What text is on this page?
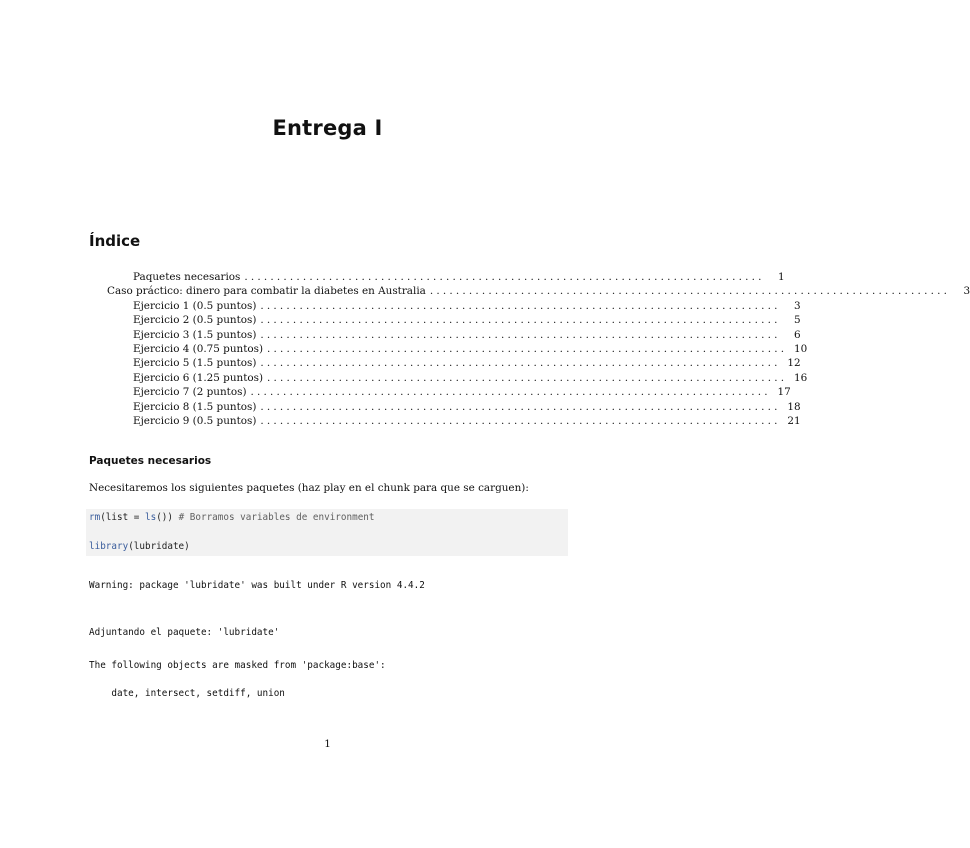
Entrega I
Índice
Paquetes necesarios ................................................................................	1
Caso práctico: dinero para combatir la diabetes en Australia ................................................................................	3
Ejercicio 1 (0.5 puntos) ................................................................................	3
Ejercicio 2 (0.5 puntos) ................................................................................	5
Ejercicio 3 (1.5 puntos) ................................................................................	6
Ejercicio 4 (0.75 puntos) ................................................................................ 10
Ejercicio 5 (1.5 puntos) ................................................................................ 12
Ejercicio 6 (1.25 puntos) ................................................................................ 16
Ejercicio 7 (2 puntos) ................................................................................ 17
Ejercicio 8 (1.5 puntos) ................................................................................ 18
Ejercicio 9 (0.5 puntos) ................................................................................ 21
Paquetes necesarios
Necesitaremos los siguientes paquetes (haz play en el chunk para que se carguen):
rm(list = ls()) # Borramos variables de environment
library(lubridate)
Warning: package 'lubridate' was built under R version 4.4.2
Adjuntando el paquete: 'lubridate'
The following objects are masked from 'package:base':
date, intersect, setdiff, union
1
